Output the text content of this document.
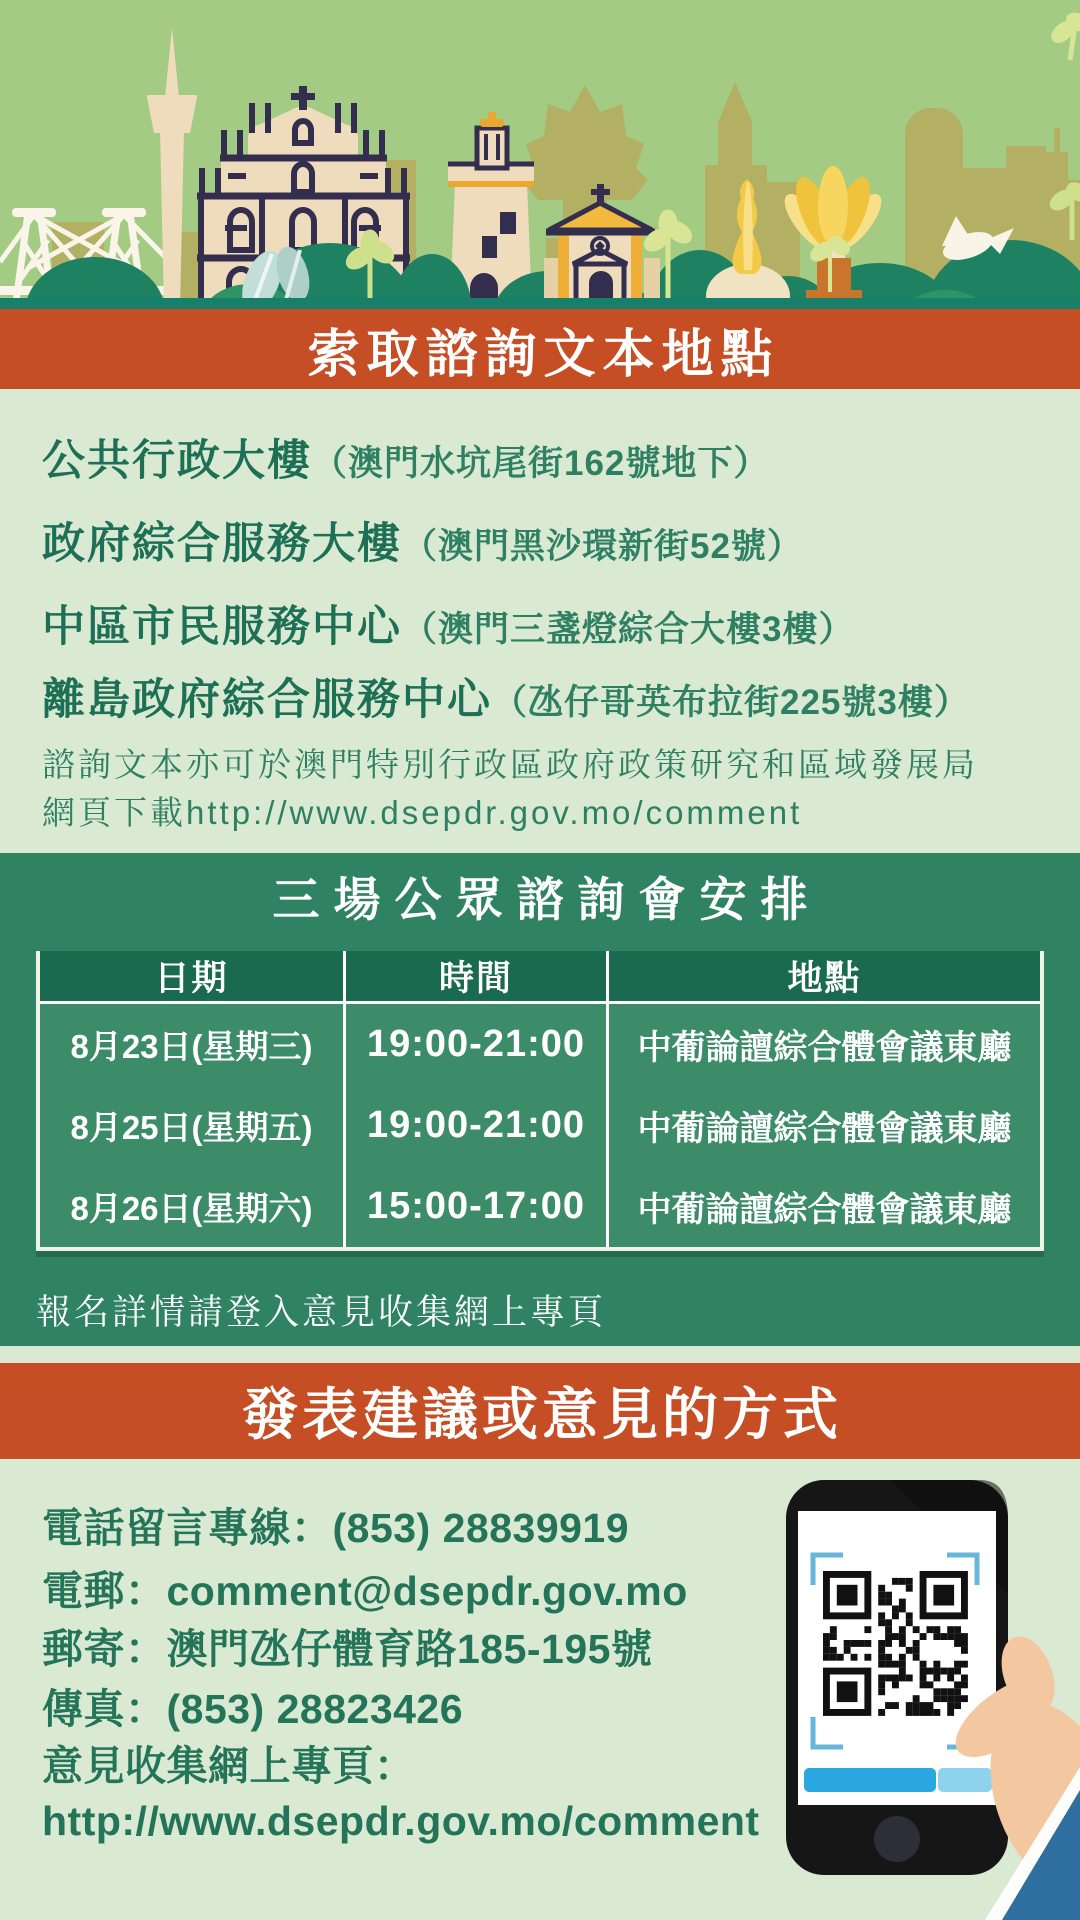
索取諮詢文本地點
公共行政大樓 （澳門水坑尾街162號地下）
政府綜合服務大樓 （澳門黑沙環新街52號）
中區市民服務中心 （澳門三盞燈綜合大樓3樓）
離島政府綜合服務中心 （氹仔哥英布拉街225號3樓）
諮詢文本亦可於澳門特別行政區政府政策研究和區域發展局
網頁下載http://www.dsepdr.gov.mo/comment
三場公眾諮詢會安排
日期	時間	地點
8月23日(星期三)	19:00-21:00	中葡論譠綜合體會議東廳
8月25日(星期五)	19:00-21:00	中葡論譠綜合體會議東廳
8月26日(星期六)	15:00-17:00	中葡論譠綜合體會議東廳
報名詳情請登入意見收集網上專頁
發表建議或意見的方式
電話留言專線：(853) 28839919
電郵：comment@dsepdr.gov.mo
郵寄：澳門氹仔體育路185-195號
傳真：(853) 28823426
意見收集網上專頁：
http://www.dsepdr.gov.mo/comment
